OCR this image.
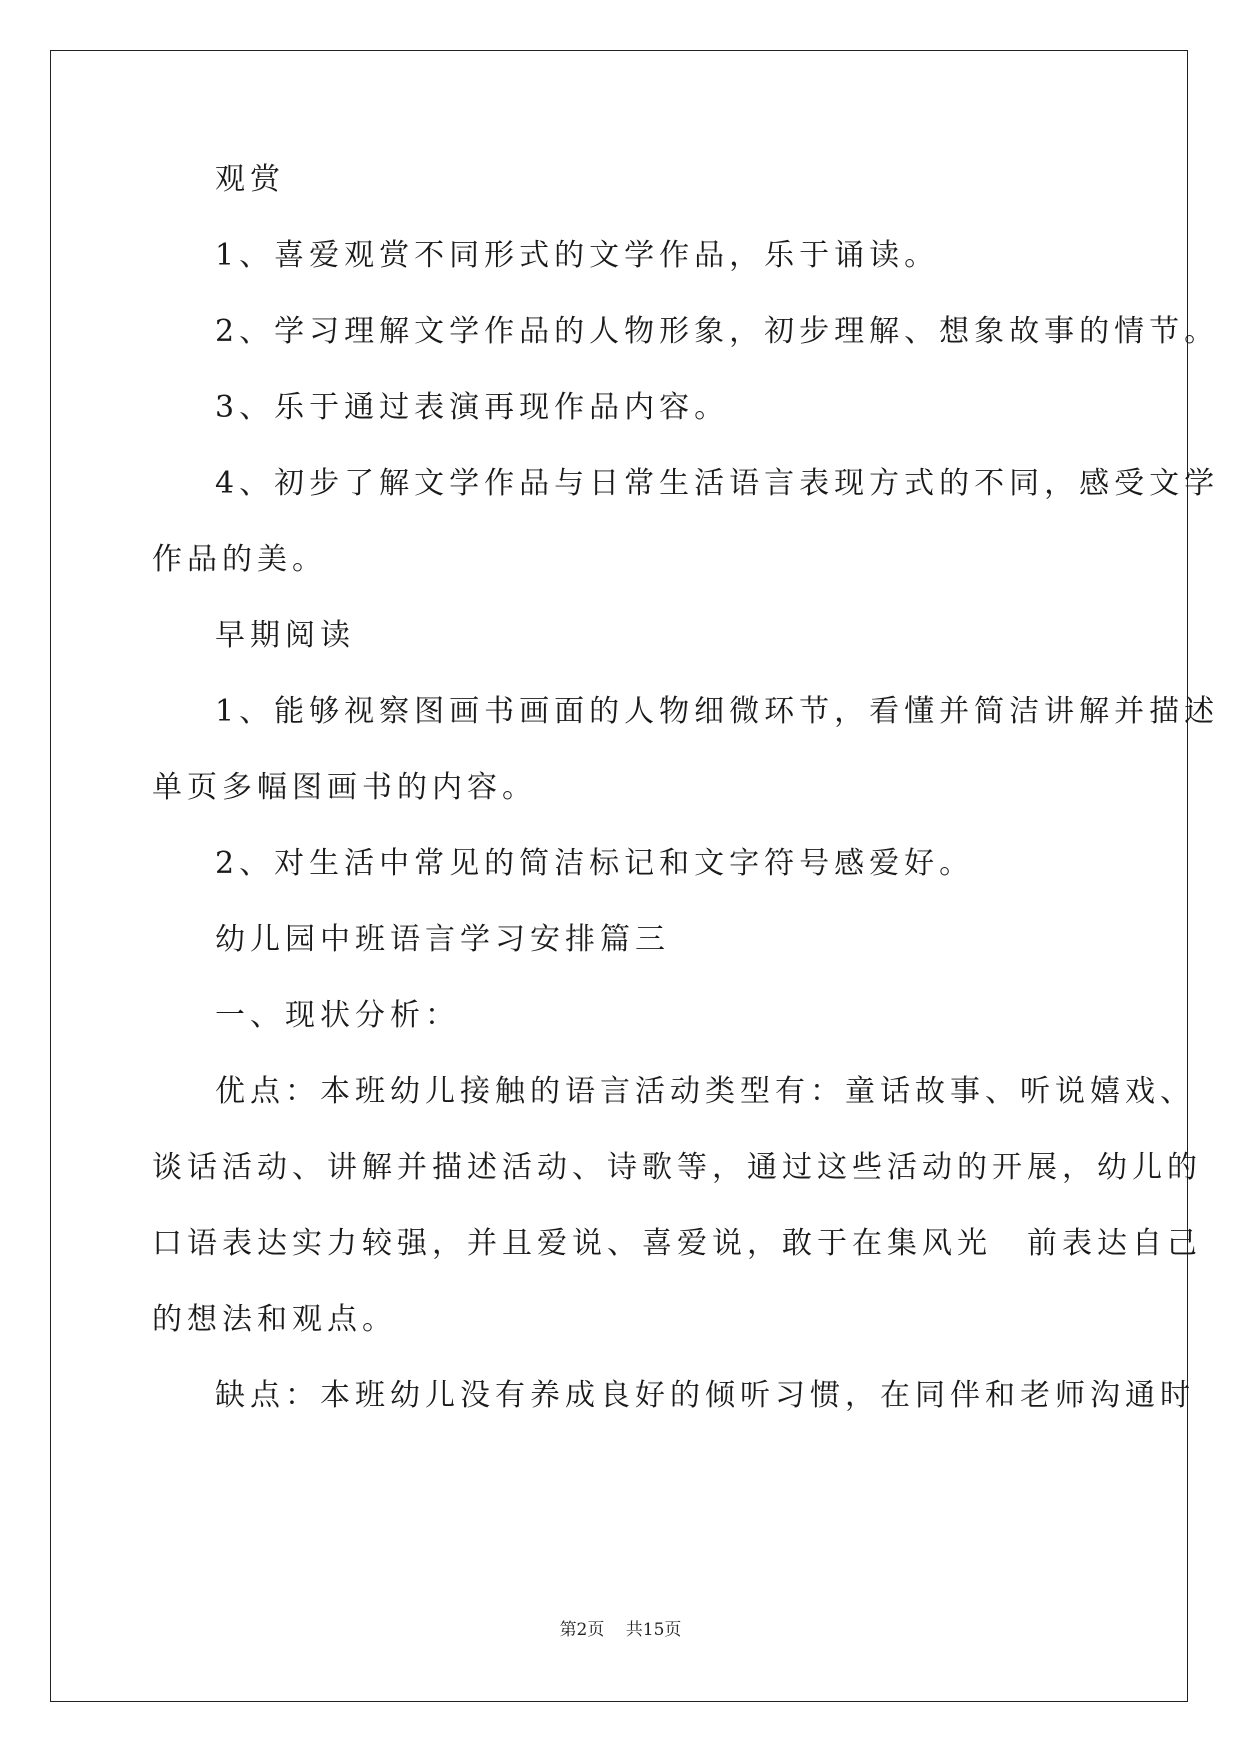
观赏
1、喜爱观赏不同形式的文学作品，乐于诵读。
2、学习理解文学作品的人物形象，初步理解、想象故事的情节。
3、乐于通过表演再现作品内容。
4、初步了解文学作品与日常生活语言表现方式的不同，感受文学
作品的美。
早期阅读
1、能够视察图画书画面的人物细微环节，看懂并简洁讲解并描述
单页多幅图画书的内容。
2、对生活中常见的简洁标记和文字符号感爱好。
幼儿园中班语言学习安排篇三
一、现状分析：
优点：本班幼儿接触的语言活动类型有：童话故事、听说嬉戏、
谈话活动、讲解并描述活动、诗歌等，通过这些活动的开展，幼儿的
口语表达实力较强，并且爱说、喜爱说，敢于在集风光　前表达自己
的想法和观点。
缺点：本班幼儿没有养成良好的倾听习惯，在同伴和老师沟通时
第2页 共15页
